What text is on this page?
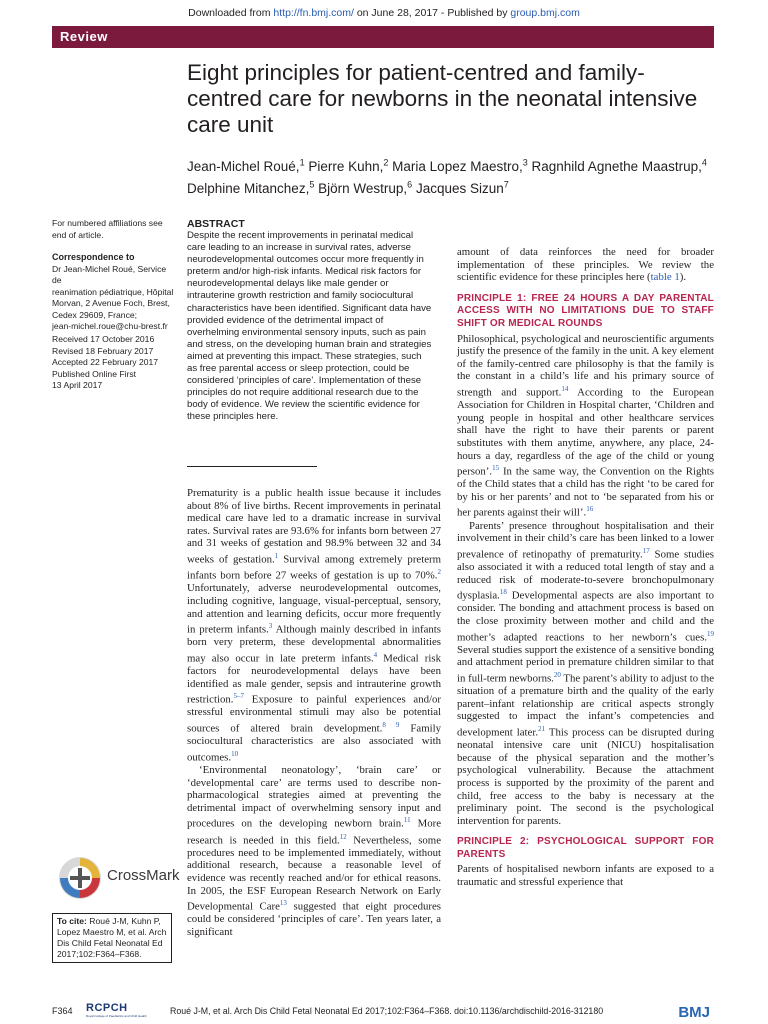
Downloaded from http://fn.bmj.com/ on June 28, 2017 - Published by group.bmj.com
Review
Eight principles for patient-centred and family-centred care for newborns in the neonatal intensive care unit
Jean-Michel Roué,$^1$ Pierre Kuhn,$^2$ Maria Lopez Maestro,$^3$ Ragnhild Agnethe Maastrup,$^4$
Delphine Mitanchez,$^5$ Björn Westrup,$^6$ Jacques Sizun$^7$
For numbered affiliations see end of article.
Correspondence to
Dr Jean-Michel Roué, Service de
reanimation pédiatrique, Hôpital
Morvan, 2 Avenue Foch, Brest,
Cedex 29609, France;
jean-michel.roue@chu-brest.fr
Received 17 October 2016
Revised 18 February 2017
Accepted 22 February 2017
Published Online First
13 April 2017
CrossMark
To cite: Roué J-M, Kuhn P, Lopez Maestro M, et al. Arch Dis Child Fetal Neonatal Ed 2017;102:F364–F368.
ABSTRACT
Despite the recent improvements in perinatal medical care leading to an increase in survival rates, adverse neurodevelopmental outcomes occur more frequently in preterm and/or high-risk infants. Medical risk factors for neurodevelopmental delays like male gender or intrauterine growth restriction and family sociocultural characteristics have been identified. Significant data have provided evidence of the detrimental impact of overhelming environmental sensory inputs, such as pain and stress, on the developing human brain and strategies aimed at preventing this impact. These strategies, such as free parental access or sleep protection, could be considered ‘principles of care’. Implementation of these principles do not require additional research due to the body of evidence. We review the scientific evidence for these principles here.

Prematurity is a public health issue because it includes about 8% of live births. Recent improvements in perinatal medical care have led to a dramatic increase in survival rates. Survival rates are 93.6% for infants born between 27 and 31 weeks of gestation and 98.9% between 32 and 34 weeks of gestation.$^1$ Survival among extremely preterm infants born before 27 weeks of gestation is up to 70%.$^2$ Unfortunately, adverse neurodevelopmental outcomes, including cognitive, language, visual-perceptual, sensory, and attention and learning deficits, occur more frequently in preterm infants.$^3$ Although mainly described in infants born very preterm, these developmental abnormalities may also occur in late preterm infants.$^4$ Medical risk factors for neurodevelopmental delays have been identified as male gender, sepsis and intrauterine growth restriction.$^{5-7}$ Exposure to painful experiences and/or stressful environmental stimuli may also be potential sources of altered brain development.$^{8 9}$ Family sociocultural characteristics are also associated with outcomes.$^{10}$

‘Environmental neonatology’, ‘brain care’ or ‘developmental care’ are terms used to describe non-pharmacological strategies aimed at preventing the detrimental impact of overwhelming sensory input and procedures on the developing newborn brain.$^{11}$ More research is needed in this field.$^{12}$ Nevertheless, some procedures need to be implemented immediately, without additional research, because a reasonable level of evidence was recently reached and/or for ethical reasons. In 2005, the ESF European Research Network on Early Developmental Care$^{13}$ suggested that eight procedures could be considered ‘principles of care’. Ten years later, a significant

amount of data reinforces the need for broader implementation of these principles. We review the scientific evidence for these principles here (table 1).

PRINCIPLE 1: FREE 24 HOURS A DAY PARENTAL ACCESS WITH NO LIMITATIONS DUE TO STAFF SHIFT OR MEDICAL ROUNDS

Philosophical, psychological and neuroscientific arguments justify the presence of the family in the unit. A key element of the family-centred care philosophy is that the family is the constant in a child’s life and his primary source of strength and support.$^{14}$ According to the European Association for Children in Hospital charter, ‘Children and young people in hospital and other healthcare services shall have the right to have their parents or parent substitutes with them anytime, anywhere, any place, 24-hours a day, regardless of the age of the child or young person’.$^{15}$ In the same way, the Convention on the Rights of the Child states that a child has the right ‘to be cared for by his or her parents’ and not to ‘be separated from his or her parents against their will’.$^{16}$

Parents’ presence throughout hospitalisation and their involvement in their child’s care has been linked to a lower prevalence of retinopathy of prematurity.$^{17}$ Some studies also associated it with a reduced total length of stay and a reduced risk of moderate-to-severe bronchopulmonary dysplasia.$^{18}$ Developmental aspects are also important to consider. The bonding and attachment process is based on the close proximity between mother and child and the mother’s adapted reactions to her newborn’s cues.$^{19}$ Several studies support the existence of a sensitive bonding and attachment period in premature children similar to that in full-term newborns.$^{20}$ The parent’s ability to adjust to the situation of a premature birth and the quality of the early parent–infant relationship are critical aspects strongly suggested to impact the infant’s competencies and development later.$^{21}$ This process can be disrupted during neonatal intensive care unit (NICU) hospitalisation because of the physical separation and the mother’s psychological vulnerability. Because the attachment process is supported by the proximity of the parent and child, free access to the baby is necessary at the preliminary point. The second is the psychological intervention for parents.

PRINCIPLE 2: PSYCHOLOGICAL SUPPORT FOR PARENTS

Parents of hospitalised newborn infants are exposed to a traumatic and stressful experience that

F364 RCPCH
Royal College of Paediatrics and Child Health	Roué J-M, et al. Arch Dis Child Fetal Neonatal Ed 2017;102:F364–F368. doi:10.1136/archdischild-2016-312180	BMJ
